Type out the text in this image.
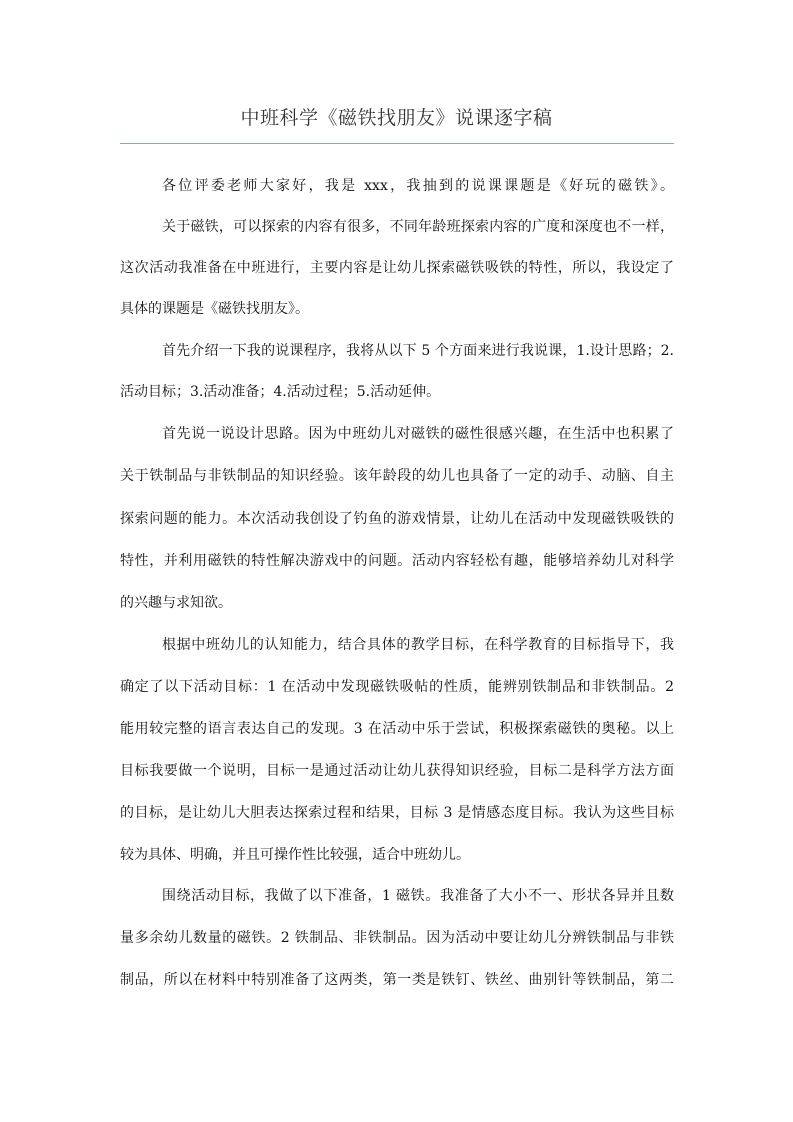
中班科学《磁铁找朋友》说课逐字稿
各位评委老师大家好，我是 xxx，我抽到的说课课题是《好玩的磁铁》。
关于磁铁，可以探索的内容有很多，不同年龄班探索内容的广度和深度也不一样，
这次活动我准备在中班进行，主要内容是让幼儿探索磁铁吸铁的特性，所以，我设定了
具体的课题是《磁铁找朋友》。
首先介绍一下我的说课程序，我将从以下 5 个方面来进行我说课，1.设计思路；2.
活动目标；3.活动准备；4.活动过程；5.活动延伸。
首先说一说设计思路。因为中班幼儿对磁铁的磁性很感兴趣，在生活中也积累了
关于铁制品与非铁制品的知识经验。该年龄段的幼儿也具备了一定的动手、动脑、自主
探索问题的能力。本次活动我创设了钓鱼的游戏情景，让幼儿在活动中发现磁铁吸铁的
特性，并利用磁铁的特性解决游戏中的问题。活动内容轻松有趣，能够培养幼儿对科学
的兴趣与求知欲。
根据中班幼儿的认知能力，结合具体的教学目标，在科学教育的目标指导下，我
确定了以下活动目标：1 在活动中发现磁铁吸帖的性质，能辨别铁制品和非铁制品。2
能用较完整的语言表达自己的发现。3 在活动中乐于尝试，积极探索磁铁的奥秘。以上
目标我要做一个说明，目标一是通过活动让幼儿获得知识经验，目标二是科学方法方面
的目标，是让幼儿大胆表达探索过程和结果，目标 3 是情感态度目标。我认为这些目标
较为具体、明确，并且可操作性比较强，适合中班幼儿。
围绕活动目标，我做了以下准备，1 磁铁。我准备了大小不一、形状各异并且数
量多余幼儿数量的磁铁。2 铁制品、非铁制品。因为活动中要让幼儿分辨铁制品与非铁
制品，所以在材料中特别准备了这两类，第一类是铁钉、铁丝、曲别针等铁制品，第二
